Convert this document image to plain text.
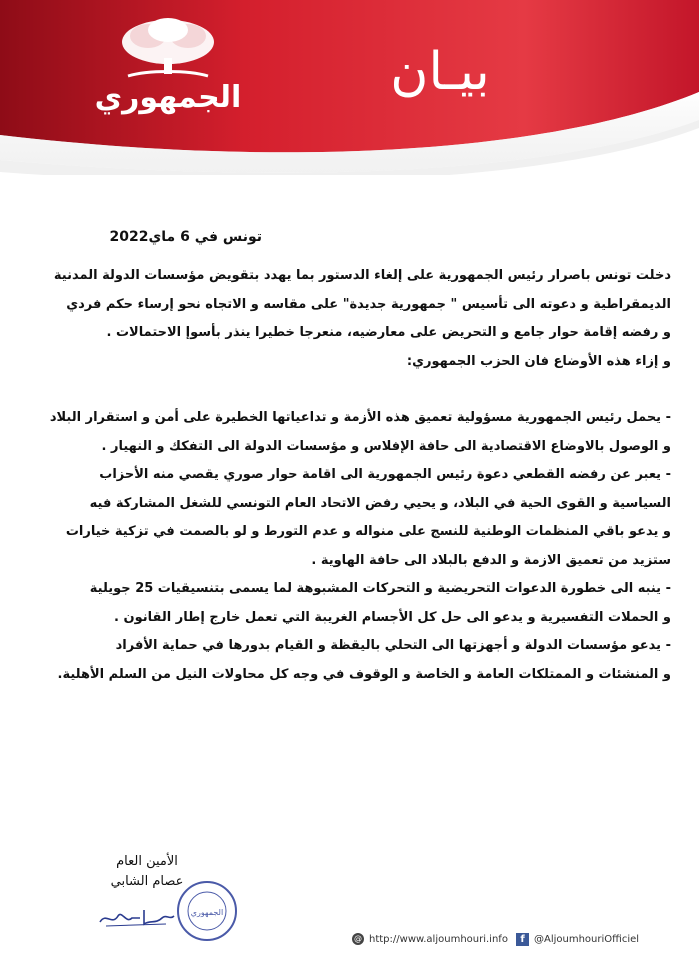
الجمهوري	بيـان
تونس في 6 ماي2022

دخلت تونس باصرار رئيس الجمهورية على إلغاء الدستور بما يهدد بتقويض مؤسسات الدولة المدنية

الديمقراطية و دعوته الى تأسيس " جمهورية جديدة" على مقاسه و الاتجاه نحو إرساء حكم فردي

و رفضه إقامة حوار جامع و التحريض على معارضيه، منعرجا خطيرا ينذر بأسوإ الاحتمالات .

و إزاء هذه الأوضاع فان الحزب الجمهوري:

- يحمل رئيس الجمهورية مسؤولية تعميق هذه الأزمة و تداعياتها الخطيرة على أمن و استقرار البلاد

و الوصول بالاوضاع الاقتصادية الى حافة الإفلاس و مؤسسات الدولة الى التفكك و النهيار .

- يعبر عن رفضه القطعي دعوة رئيس الجمهورية الى اقامة حوار صوري يقصي منه الأحزاب

السياسية و القوى الحية في البلاد، و يحيي رفض الاتحاد العام التونسي للشغل المشاركة فيه

و يدعو باقي المنظمات الوطنية للنسج على منواله و عدم التورط و لو بالصمت في تزكية خيارات

ستزيد من تعميق الازمة و الدفع بالبلاد الى حافة الهاوية .

- ينبه الى خطورة الدعوات التحريضية و التحركات المشبوهة لما يسمى بتنسيقيات 25 جويلية

و الحملات التفسيرية و يدعو الى حل كل الأجسام الغريبة التي تعمل خارج إطار القانون .

- يدعو مؤسسات الدولة و أجهزتها الى التحلي باليقظة و القيام بدورها في حماية الأفراد

و المنشئات و الممتلكات العامة و الخاصة و الوقوف في وجه كل محاولات النيل من السلم الأهلية.

الأمين العام
عصام الشابي
الجمهوري
@ http://www.aljoumhouri.info	f @AljoumhouriOfficiel
